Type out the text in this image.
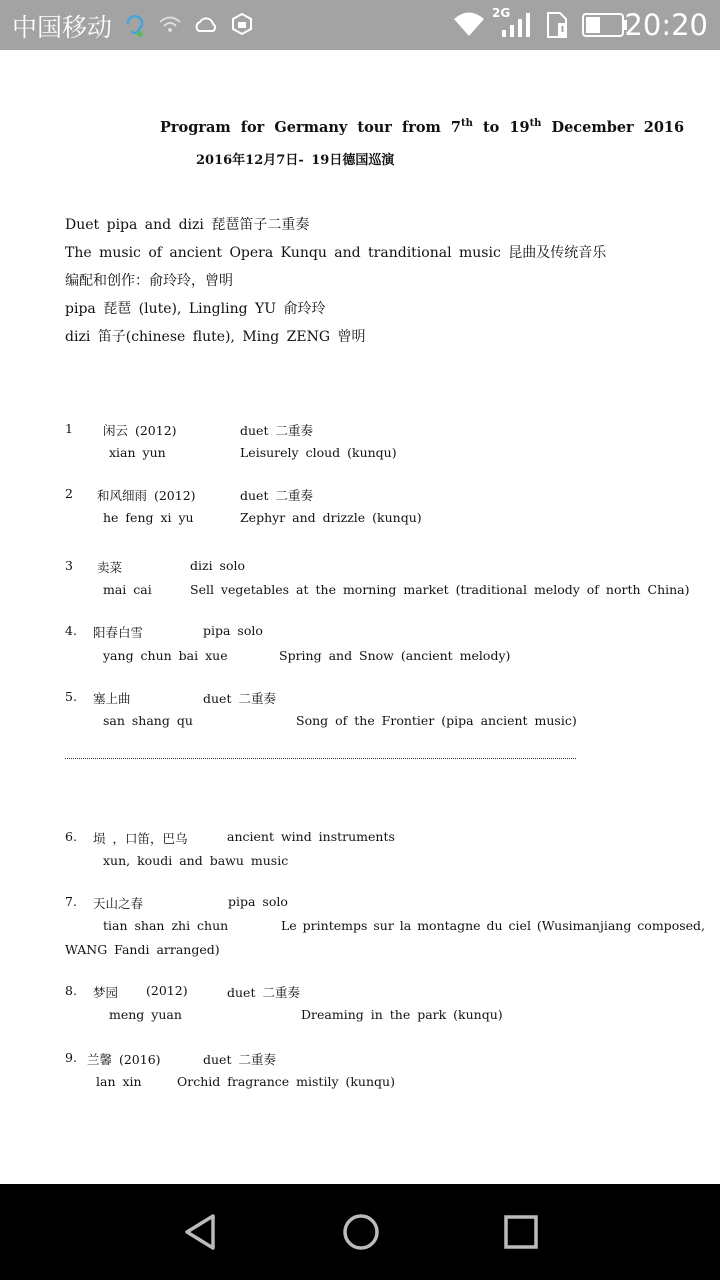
中国移动	2G	20:20
Program for Germany tour from 7th to 19th December 2016
2016年12月7日- 19日德国巡演
Duet pipa and dizi 琵琶笛子二重奏
The music of ancient Opera Kunqu and tranditional music 昆曲及传统音乐
编配和创作：俞玲玲，曾明
pipa 琵琶 (lute), Lingling YU 俞玲玲
dizi 笛子(chinese flute), Ming ZENG 曾明
1 闲云 (2012)	duet 二重奏
xian yun	Leisurely cloud (kunqu)
2 和风细雨 (2012)	duet 二重奏
he feng xi yu	Zephyr and drizzle (kunqu)
3 卖菜	dizi solo
mai cai	Sell vegetables at the morning market (traditional melody of north China)
4. 阳春白雪	pipa solo
yang chun bai xue	Spring and Snow (ancient melody)
5. 塞上曲	duet 二重奏
san shang qu	Song of the Frontier (pipa ancient music)
6. 埙 ，口笛，巴乌	ancient wind instruments
xun, koudi and bawu music
7. 天山之春	pipa solo
tian shan zhi chun	Le printemps sur la montagne du ciel (Wusimanjiang composed,
WANG Fandi arranged)
8. 梦园 (2012)	duet 二重奏
meng yuan	Dreaming in the park (kunqu)
9. 兰馨 (2016)	duet 二重奏
lan xin	Orchid fragrance mistily (kunqu)
